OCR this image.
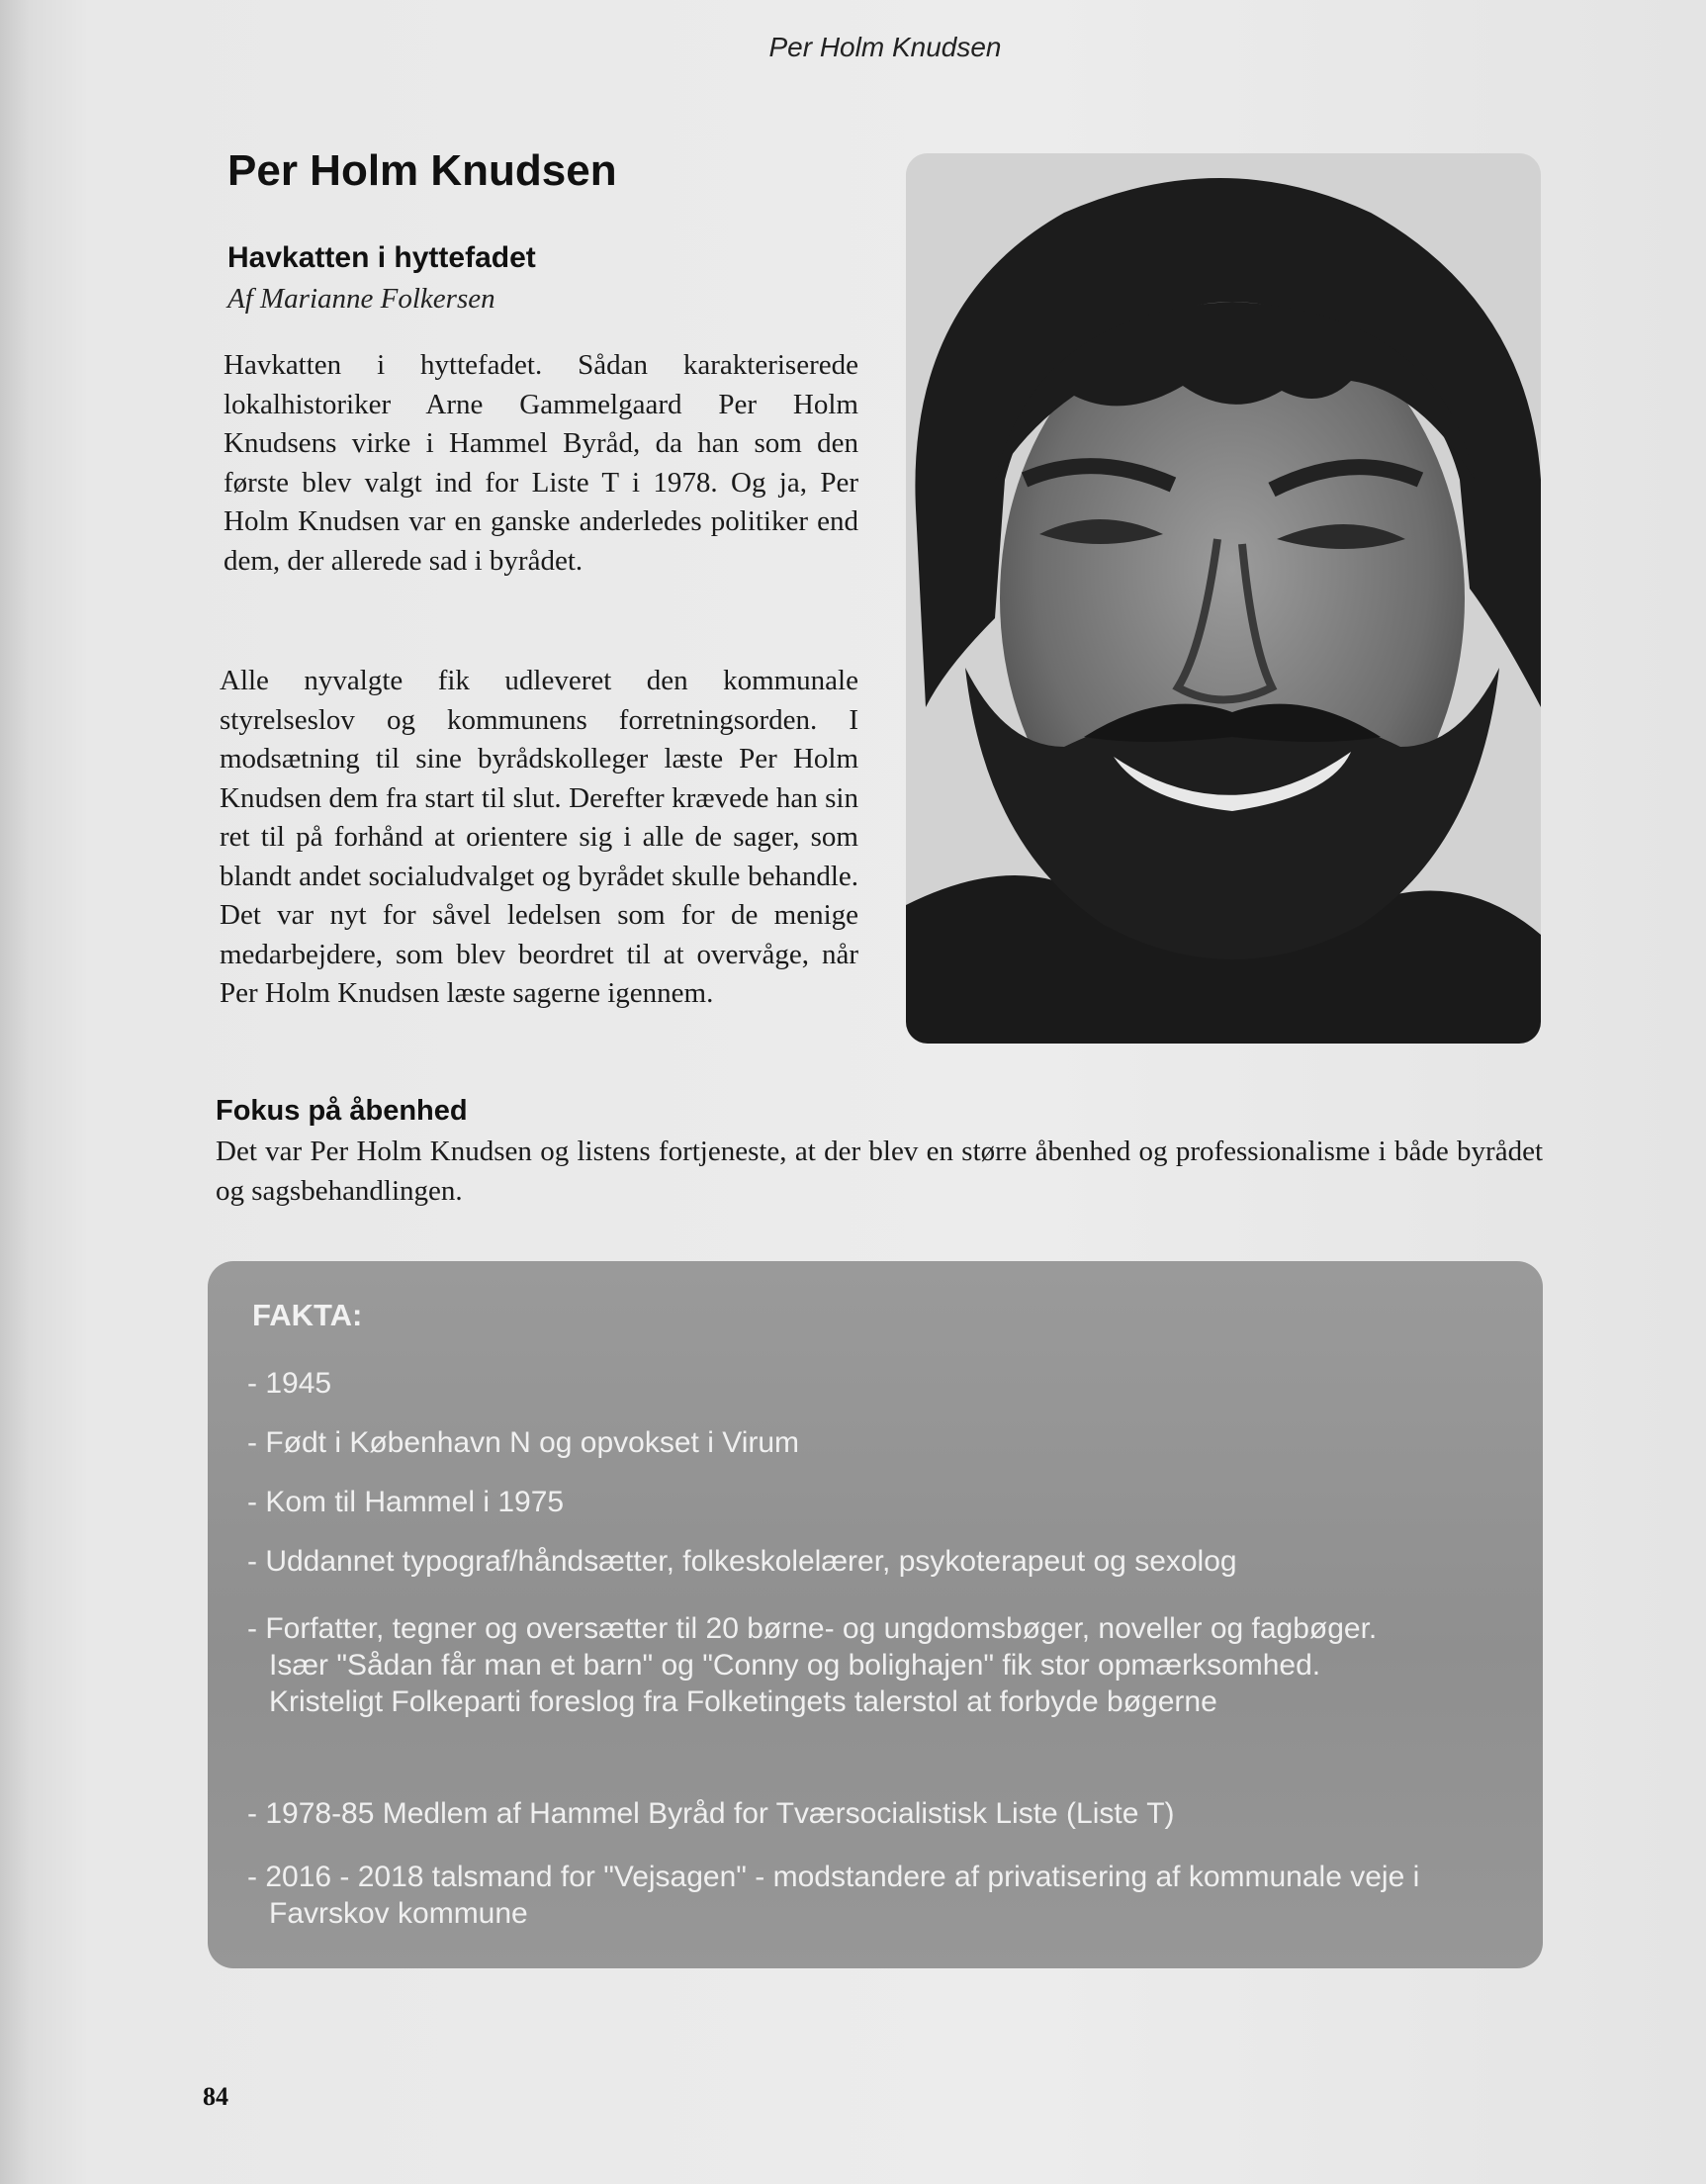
Per Holm Knudsen
Per Holm Knudsen
Havkatten i hyttefadet
Af Marianne Folkersen

Havkatten i hyttefadet. Sådan karakteriserede lokalhistoriker Arne Gammelgaard Per Holm Knudsens virke i Hammel Byråd, da han som den første blev valgt ind for Liste T i 1978. Og ja, Per Holm Knudsen var en ganske anderledes politiker end dem, der allerede sad i byrådet.

Alle nyvalgte fik udleveret den kommunale styrelseslov og kommunens forretningsorden. I modsætning til sine byrådskolleger læste Per Holm Knudsen dem fra start til slut. Derefter krævede han sin ret til på forhånd at orientere sig i alle de sager, som blandt andet socialudvalget og byrådet skulle behandle. Det var nyt for såvel ledelsen som for de menige medarbejdere, som blev beordret til at overvåge, når Per Holm Knudsen læste sagerne igennem.

Fokus på åbenhed

Det var Per Holm Knudsen og listens fortjeneste, at der blev en større åbenhed og professionalisme i både byrådet og sagsbehandlingen.

FAKTA:
- 1945
- Født i København N og opvokset i Virum
- Kom til Hammel i 1975
- Uddannet typograf/håndsætter, folkeskolelærer, psykoterapeut og sexolog
- Forfatter, tegner og oversætter til 20 børne- og ungdomsbøger, noveller og fagbøger. Især "Sådan får man et barn" og "Conny og bolighajen" fik stor opmærksomhed. Kristeligt Folkeparti foreslog fra Folketingets talerstol at forbyde bøgerne
- 1978-85 Medlem af Hammel Byråd for Tværsocialistisk Liste (Liste T)
- 2016 - 2018 talsmand for "Vejsagen" - modstandere af privatisering af kommunale veje i Favrskov kommune
84
